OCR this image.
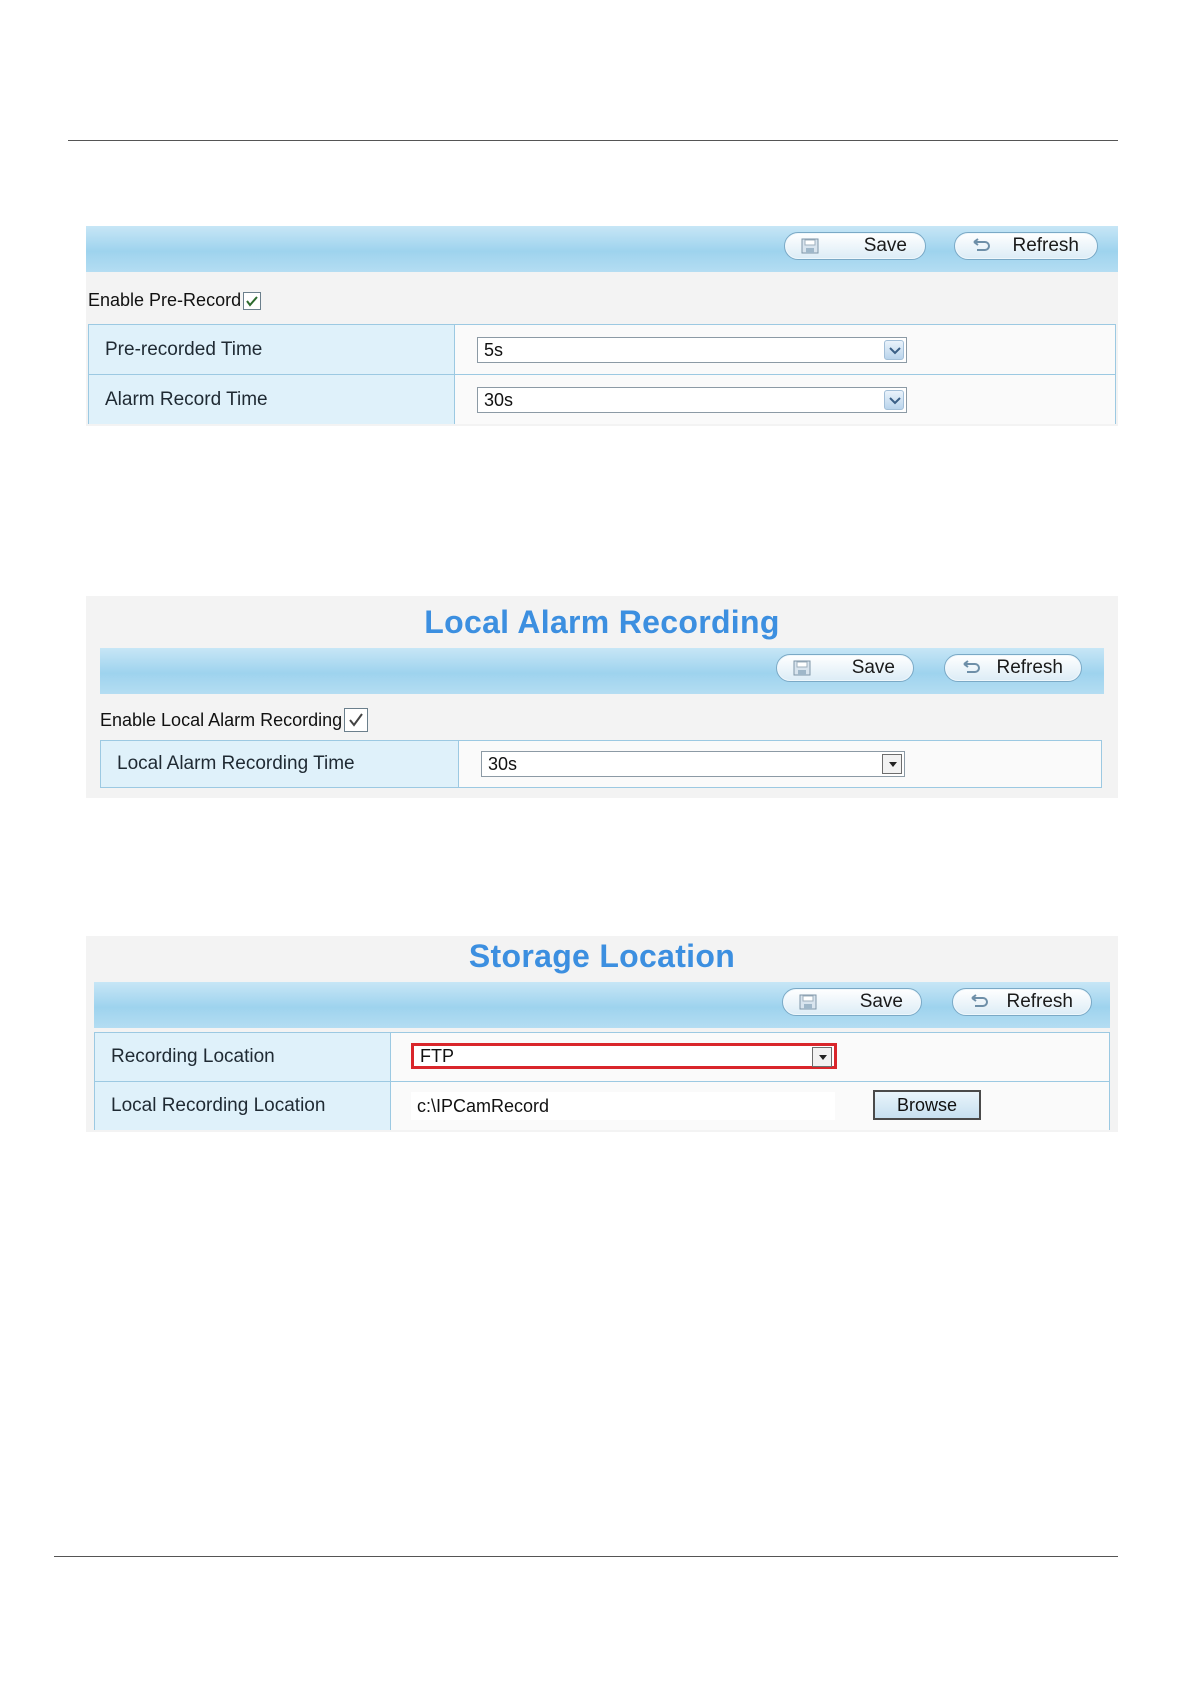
Save	Refresh
Enable Pre-Record
Pre-recorded Time	5s
Alarm Record Time	30s
Local Alarm Recording
Save	Refresh
Enable Local Alarm Recording
Local Alarm Recording Time	30s
Storage Location
Save	Refresh
Recording Location	FTP
Local Recording Location	c:\IPCamRecord	Browse
